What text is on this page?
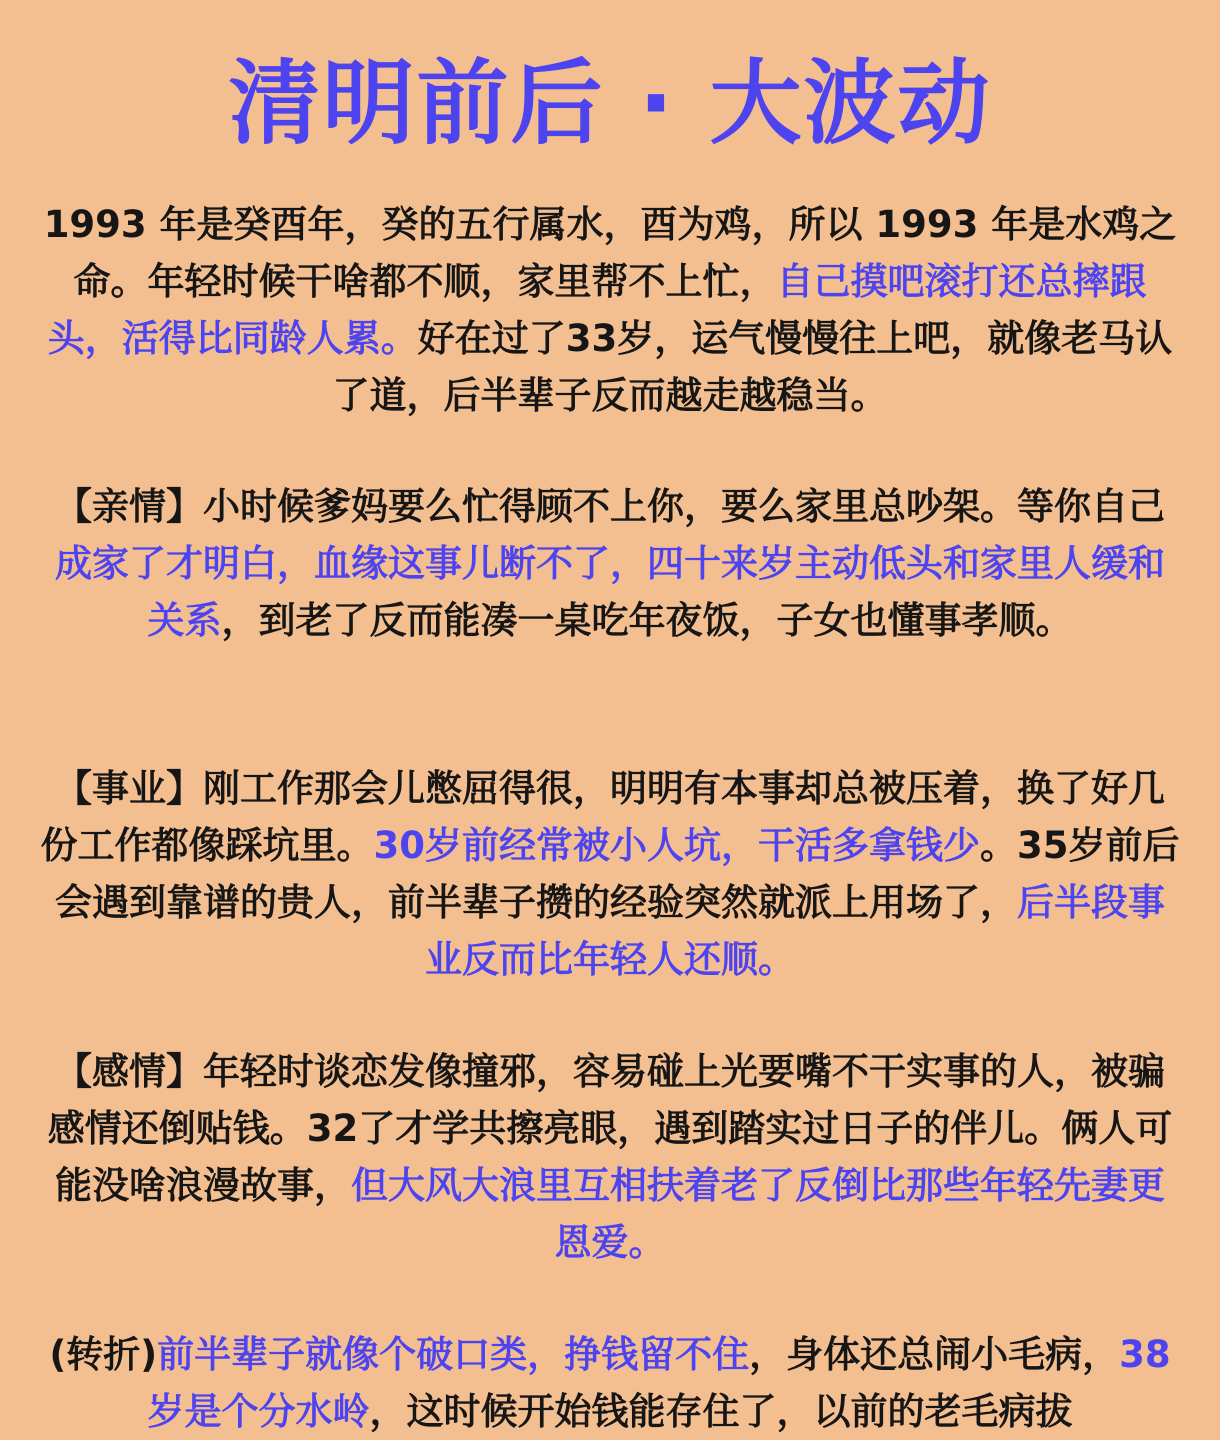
清明前后 · 大波动

1993 年是癸酉年，癸的五行属水，酉为鸡，所以 1993 年是水鸡之命。年轻时候干啥都不顺，家里帮不上忙，自己摸吧滚打还总摔跟头，活得比同龄人累。好在过了33岁，运气慢慢往上吧，就像老马认了道，后半辈子反而越走越稳当。

【亲情】小时候爹妈要么忙得顾不上你，要么家里总吵架。等你自己成家了才明白，血缘这事儿断不了，四十来岁主动低头和家里人缓和关系，到老了反而能凑一桌吃年夜饭，子女也懂事孝顺。

【事业】刚工作那会儿憋屈得很，明明有本事却总被压着，换了好几份工作都像踩坑里。30岁前经常被小人坑，干活多拿钱少。35岁前后会遇到靠谱的贵人，前半辈子攒的经验突然就派上用场了，后半段事业反而比年轻人还顺。

【感情】年轻时谈恋发像撞邪，容易碰上光要嘴不干实事的人，被骗感情还倒贴钱。32了才学共擦亮眼，遇到踏实过日子的伴儿。俩人可能没啥浪漫故事，但大风大浪里互相扶着老了反倒比那些年轻先妻更恩爱。

(转折)前半辈子就像个破口类，挣钱留不住，身体还总闹小毛病，38岁是个分水岭，这时候开始钱能存住了，以前的老毛病拔
